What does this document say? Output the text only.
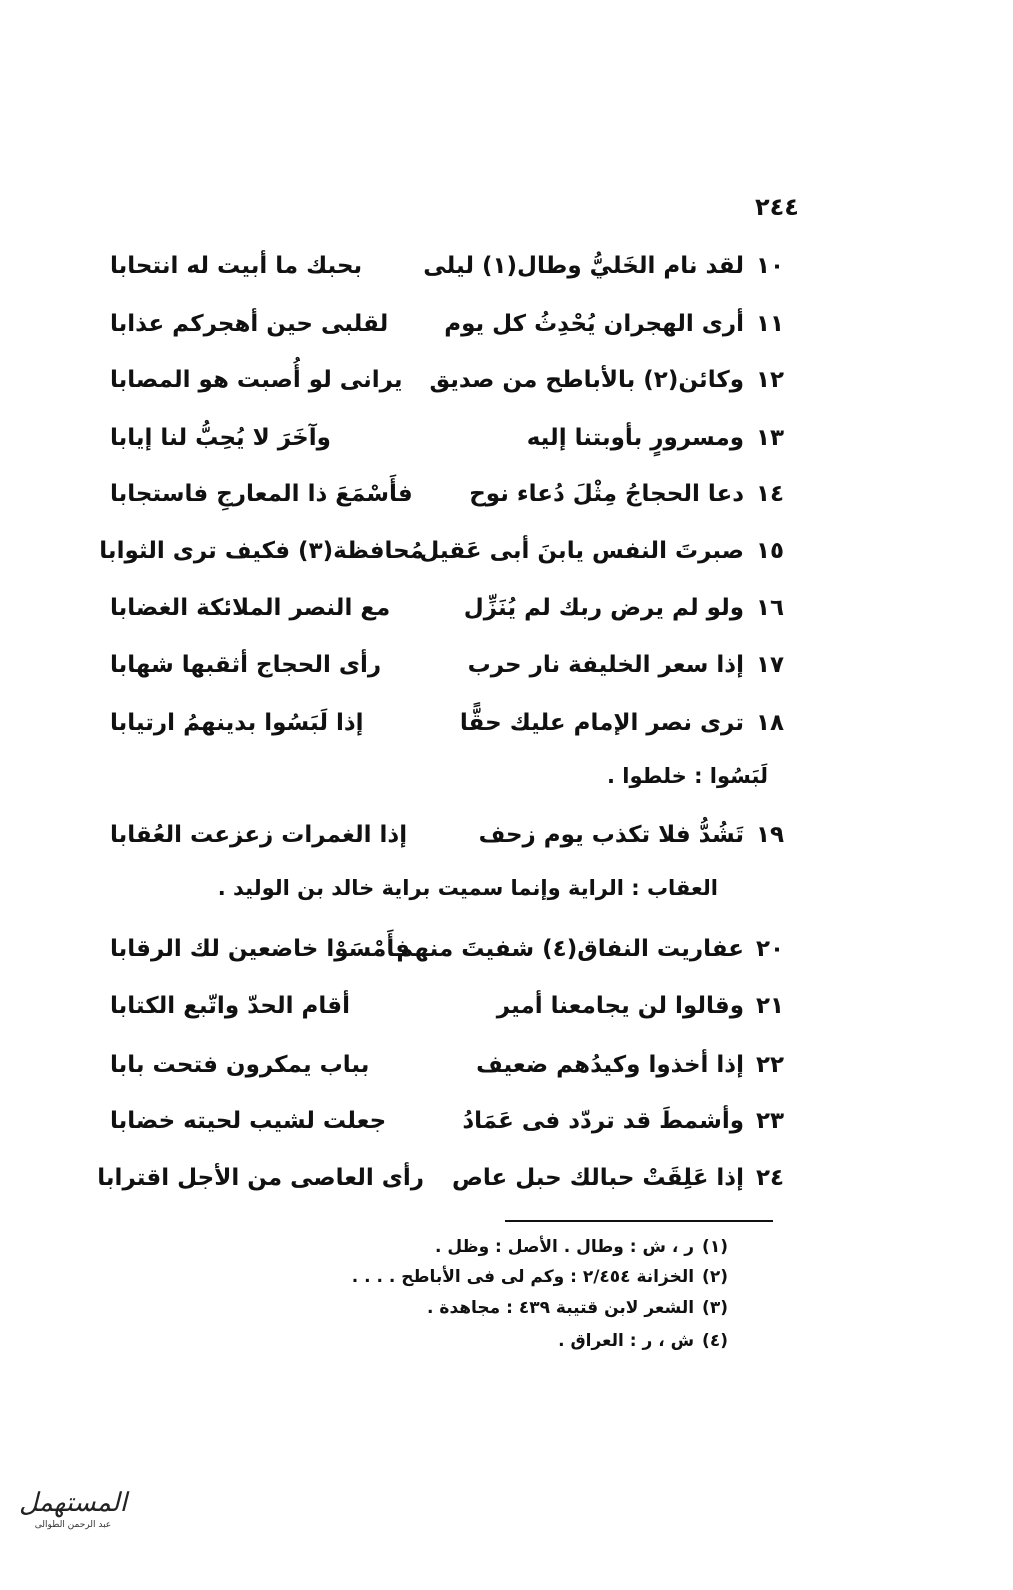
٢٤٤
١٠
لقد نام الخَليُّ وطال(١) ليلى
بحبك ما أبيت له انتحابا
١١
أرى الهجران يُحْدِثُ كل يوم
لقلبى حين أهجركم عذابا
١٢
وكائن(٢) بالأباطح من صديق
يرانى لو أُصبت هو المصابا
١٣
ومسرورٍ بأوبتنا إليه
وآخَرَ لا يُحِبُّ لنا إيابا
١٤
دعا الحجاجُ مِثْلَ دُعاء نوح
فأَسْمَعَ ذا المعارجِ فاستجابا
١٥
صبرتَ النفس يابنَ أبى عَقيل
مُحافظة(٣) فكيف ترى الثوابا
١٦
ولو لم يرض ربك لم يُنَزِّل
مع النصر الملائكة الغضابا
١٧
إذا سعر الخليفة نار حرب
رأى الحجاج أثقبها شهابا
١٨
ترى نصر الإمام عليك حقًّا
إذا لَبَسُوا بدينهمُ ارتيابا
لَبَسُوا : خلطوا .
١٩
تَشُدُّ فلا تكذب يوم زحف
إذا الغمرات زعزعت العُقابا
العقاب : الراية وإنما سميت براية خالد بن الوليد .
٢٠
عفاريت النفاق(٤) شفيتَ منهم
فأَمْسَوْا خاضعين لك الرقابا
٢١
وقالوا لن يجامعنا أمير
أقام الحدّ واتّبع الكتابا
٢٢
إذا أخذوا وكيدُهم ضعيف
بباب يمكرون فتحت بابا
٢٣
وأشمطَ قد تردّد فى عَمَادُ
جعلت لشيب لحيته خضابا
٢٤
إذا عَلِقَتْ حبالك حبل عاص
رأى العاصى من الأجل اقترابا
(١)
ر ، ش : وطال . الأصل : وظل .
(٢)
الخزانة ٢/٤٥٤ : وكم لى فى الأباطح . . . .
(٣)
الشعر لابن قتيبة ٤٣٩ : مجاهدة .
(٤)
ش ، ر : العراق .
المستهمل
عبد الرحمن الطوالى
